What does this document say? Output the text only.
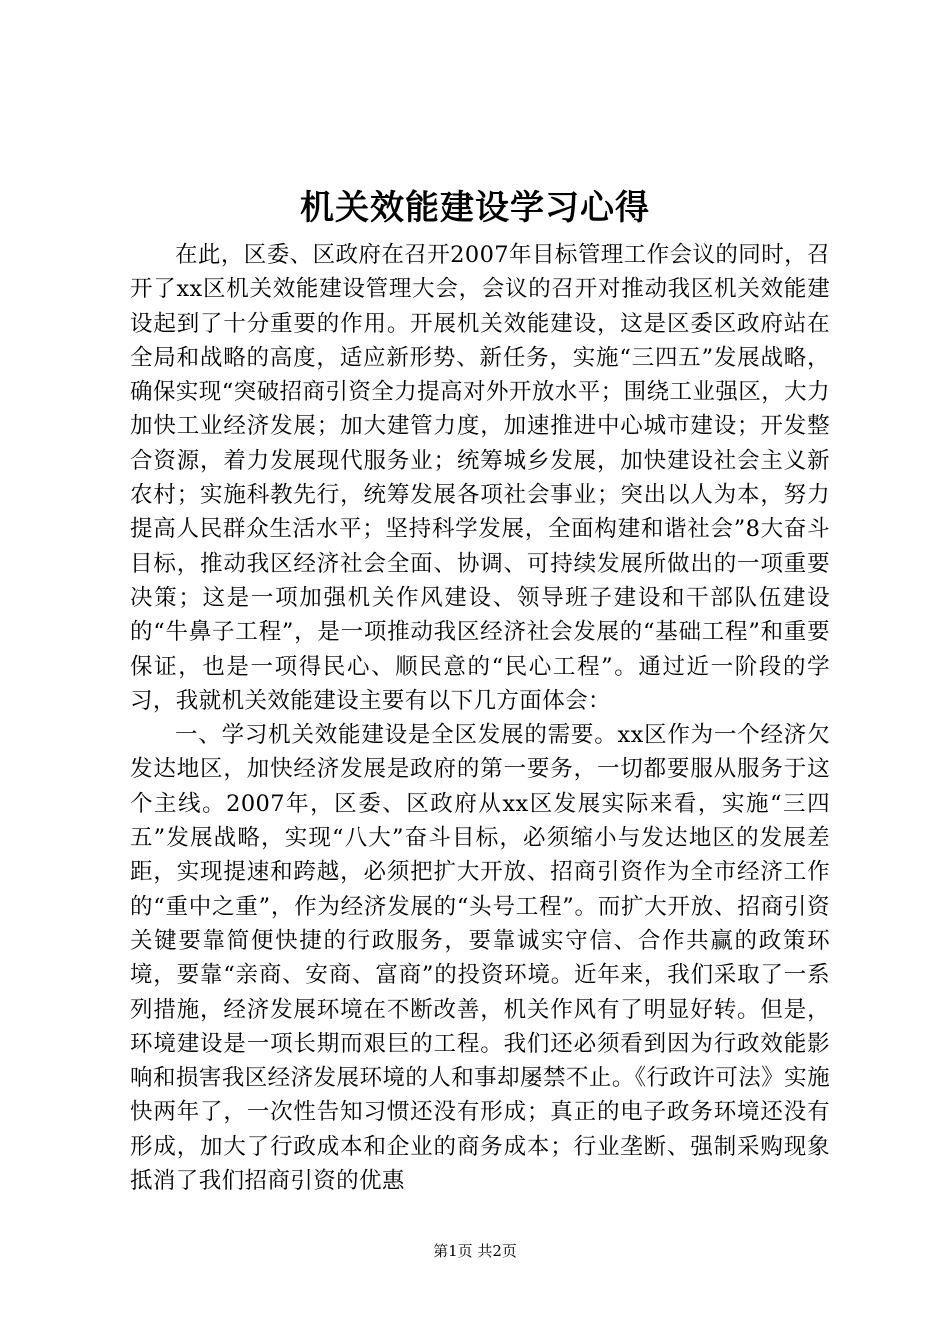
机关效能建设学习心得

在此，区委、区政府在召开2007年目标管理工作会议的同时，召开了xx区机关效能建设管理大会，会议的召开对推动我区机关效能建设起到了十分重要的作用。开展机关效能建设，这是区委区政府站在全局和战略的高度，适应新形势、新任务，实施“三四五”发展战略，确保实现“突破招商引资全力提高对外开放水平；围绕工业强区，大力加快工业经济发展；加大建管力度，加速推进中心城市建设；开发整合资源，着力发展现代服务业；统筹城乡发展，加快建设社会主义新农村；实施科教先行，统筹发展各项社会事业；突出以人为本，努力提高人民群众生活水平；坚持科学发展，全面构建和谐社会”8大奋斗目标，推动我区经济社会全面、协调、可持续发展所做出的一项重要决策；这是一项加强机关作风建设、领导班子建设和干部队伍建设的“牛鼻子工程”，是一项推动我区经济社会发展的“基础工程”和重要保证，也是一项得民心、顺民意的“民心工程”。通过近一阶段的学习，我就机关效能建设主要有以下几方面体会：

一、学习机关效能建设是全区发展的需要。xx区作为一个经济欠发达地区，加快经济发展是政府的第一要务，一切都要服从服务于这个主线。2007年，区委、区政府从xx区发展实际来看，实施“三四五”发展战略，实现“八大”奋斗目标，必须缩小与发达地区的发展差距，实现提速和跨越，必须把扩大开放、招商引资作为全市经济工作的“重中之重”，作为经济发展的“头号工程”。而扩大开放、招商引资关键要靠简便快捷的行政服务，要靠诚实守信、合作共赢的政策环境，要靠“亲商、安商、富商”的投资环境。近年来，我们采取了一系列措施，经济发展环境在不断改善，机关作风有了明显好转。但是，环境建设是一项长期而艰巨的工程。我们还必须看到因为行政效能影响和损害我区经济发展环境的人和事却屡禁不止。《行政许可法》实施快两年了，一次性告知习惯还没有形成；真正的电子政务环境还没有形成，加大了行政成本和企业的商务成本；行业垄断、强制采购现象抵消了我们招商引资的优惠

第1页 共2页
